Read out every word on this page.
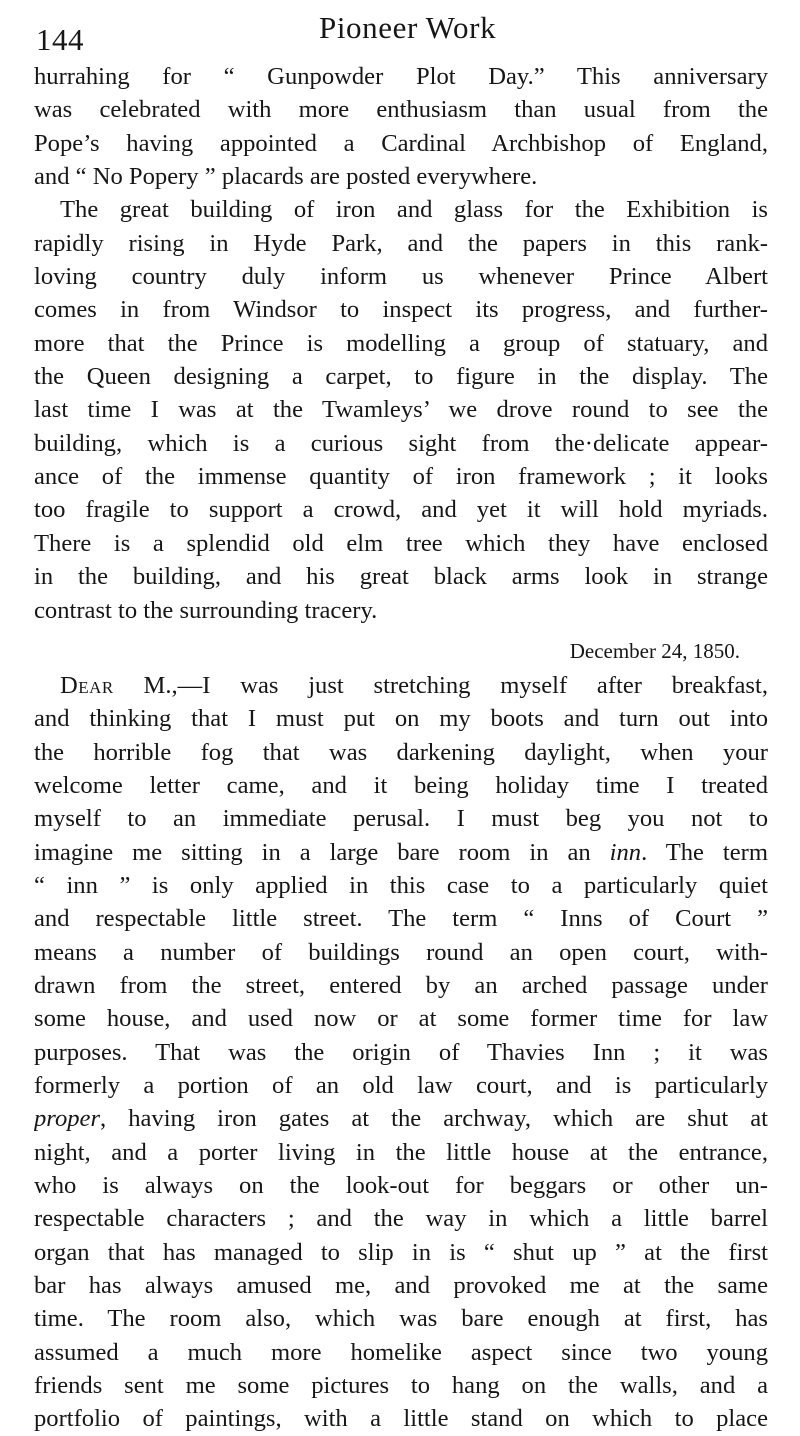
144	Pioneer Work
hurrahing for “ Gunpowder Plot Day.” This anniversary
was celebrated with more enthusiasm than usual from the
Pope’s having appointed a Cardinal Archbishop of England,
and “ No Popery ” placards are posted everywhere.
The great building of iron and glass for the Exhibition is
rapidly rising in Hyde Park, and the papers in this rank-
loving country duly inform us whenever Prince Albert
comes in from Windsor to inspect its progress, and further-
more that the Prince is modelling a group of statuary, and
the Queen designing a carpet, to figure in the display. The
last time I was at the Twamleys’ we drove round to see the
building, which is a curious sight from the·delicate appear-
ance of the immense quantity of iron framework ; it looks
too fragile to support a crowd, and yet it will hold myriads.
There is a splendid old elm tree which they have enclosed
in the building, and his great black arms look in strange
contrast to the surrounding tracery.
December 24, 1850.
Dear M.,—I was just stretching myself after breakfast,
and thinking that I must put on my boots and turn out into
the horrible fog that was darkening daylight, when your
welcome letter came, and it being holiday time I treated
myself to an immediate perusal. I must beg you not to
imagine me sitting in a large bare room in an inn. The term
“ inn ” is only applied in this case to a particularly quiet
and respectable little street. The term “ Inns of Court ”
means a number of buildings round an open court, with-
drawn from the street, entered by an arched passage under
some house, and used now or at some former time for law
purposes. That was the origin of Thavies Inn ; it was
formerly a portion of an old law court, and is particularly
proper, having iron gates at the archway, which are shut at
night, and a porter living in the little house at the entrance,
who is always on the look-out for beggars or other un-
respectable characters ; and the way in which a little barrel
organ that has managed to slip in is “ shut up ” at the first
bar has always amused me, and provoked me at the same
time. The room also, which was bare enough at first, has
assumed a much more homelike aspect since two young
friends sent me some pictures to hang on the walls, and a
portfolio of paintings, with a little stand on which to place
